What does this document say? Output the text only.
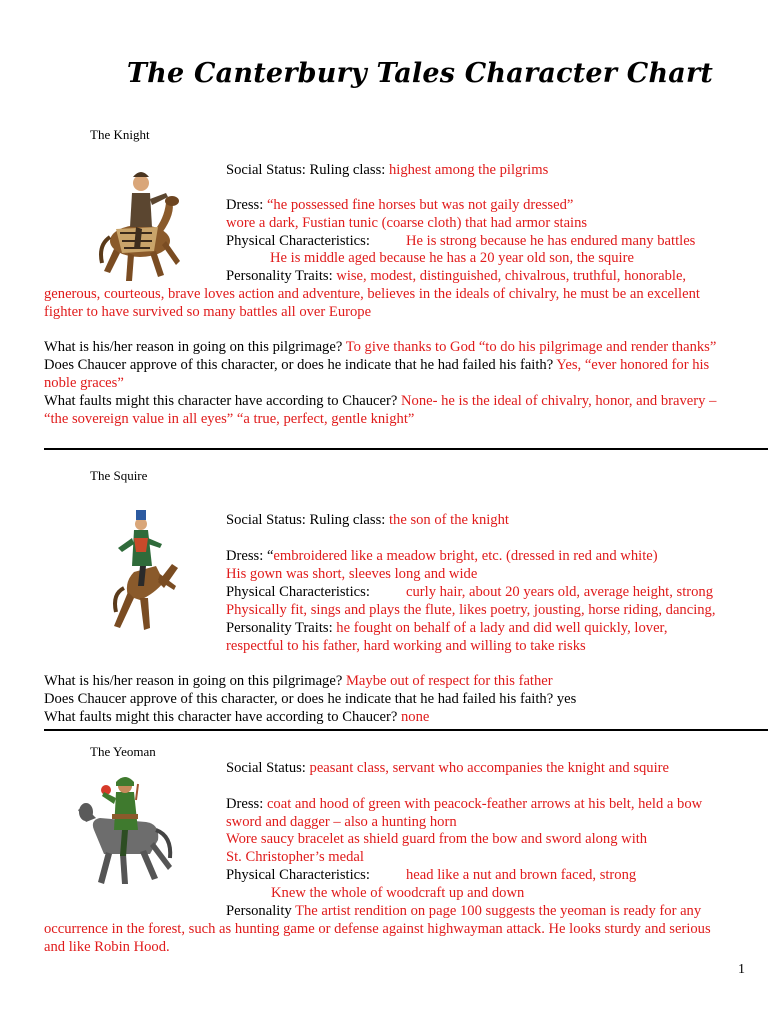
The Canterbury Tales Character Chart
The Knight
Social Status: Ruling class: highest among the pilgrims
Dress: “he possessed fine horses but was not gaily dressed”
wore a dark, Fustian tunic (coarse cloth) that had armor stains
Physical Characteristics: He is strong because he has endured many battles
He is middle aged because he has a 20 year old son, the squire
Personality Traits: wise, modest, distinguished, chivalrous, truthful, honorable,
generous, courteous, brave loves action and adventure, believes in the ideals of chivalry, he must be an excellent
fighter to have survived so many battles all over Europe
What is his/her reason in going on this pilgrimage? To give thanks to God “to do his pilgrimage and render thanks”
Does Chaucer approve of this character, or does he indicate that he had failed his faith? Yes, “ever honored for his
noble graces”
What faults might this character have according to Chaucer? None- he is the ideal of chivalry, honor, and bravery –
“the sovereign value in all eyes” “a true, perfect, gentle knight”
The Squire
Social Status: Ruling class: the son of the knight
Dress: “embroidered like a meadow bright, etc. (dressed in red and white)
His gown was short, sleeves long and wide
Physical Characteristics: curly hair, about 20 years old, average height, strong
Physically fit, sings and plays the flute, likes poetry, jousting, horse riding, dancing,
Personality Traits: he fought on behalf of a lady and did well quickly, lover,
respectful to his father, hard working and willing to take risks
What is his/her reason in going on this pilgrimage? Maybe out of respect for this father
Does Chaucer approve of this character, or does he indicate that he had failed his faith? yes
What faults might this character have according to Chaucer? none
The Yeoman
Social Status: peasant class, servant who accompanies the knight and squire
Dress: coat and hood of green with peacock-feather arrows at his belt, held a bow
sword and dagger – also a hunting horn
Wore saucy bracelet as shield guard from the bow and sword along with
St. Christopher’s medal
Physical Characteristics: head like a nut and brown faced, strong
Knew the whole of woodcraft up and down
Personality The artist rendition on page 100 suggests the yeoman is ready for any
occurrence in the forest, such as hunting game or defense against highwayman attack. He looks sturdy and serious
and like Robin Hood.
1
